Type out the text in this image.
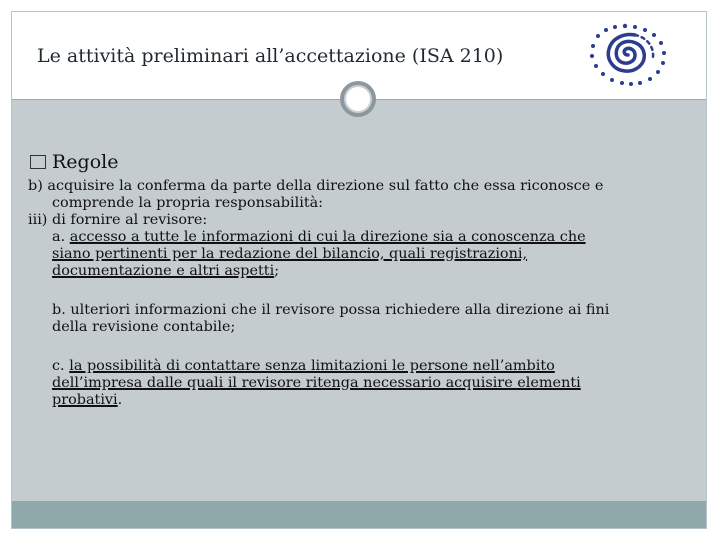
Le attività preliminari all’accettazione (ISA 210)
Regole

b) acquisire la conferma da parte della direzione sul fatto che essa riconosce e

comprende la propria responsabilità:

iii) di fornire al revisore:

a. accesso a tutte le informazioni di cui la direzione sia a conoscenza che
siano pertinenti per la redazione del bilancio, quali registrazioni,
documentazione e altri aspetti;
b. ulteriori informazioni che il revisore possa richiedere alla direzione ai fini
della revisione contabile;
c. la possibilità di contattare senza limitazioni le persone nell’ambito
dell’impresa dalle quali il revisore ritenga necessario acquisire elementi
probativi.
